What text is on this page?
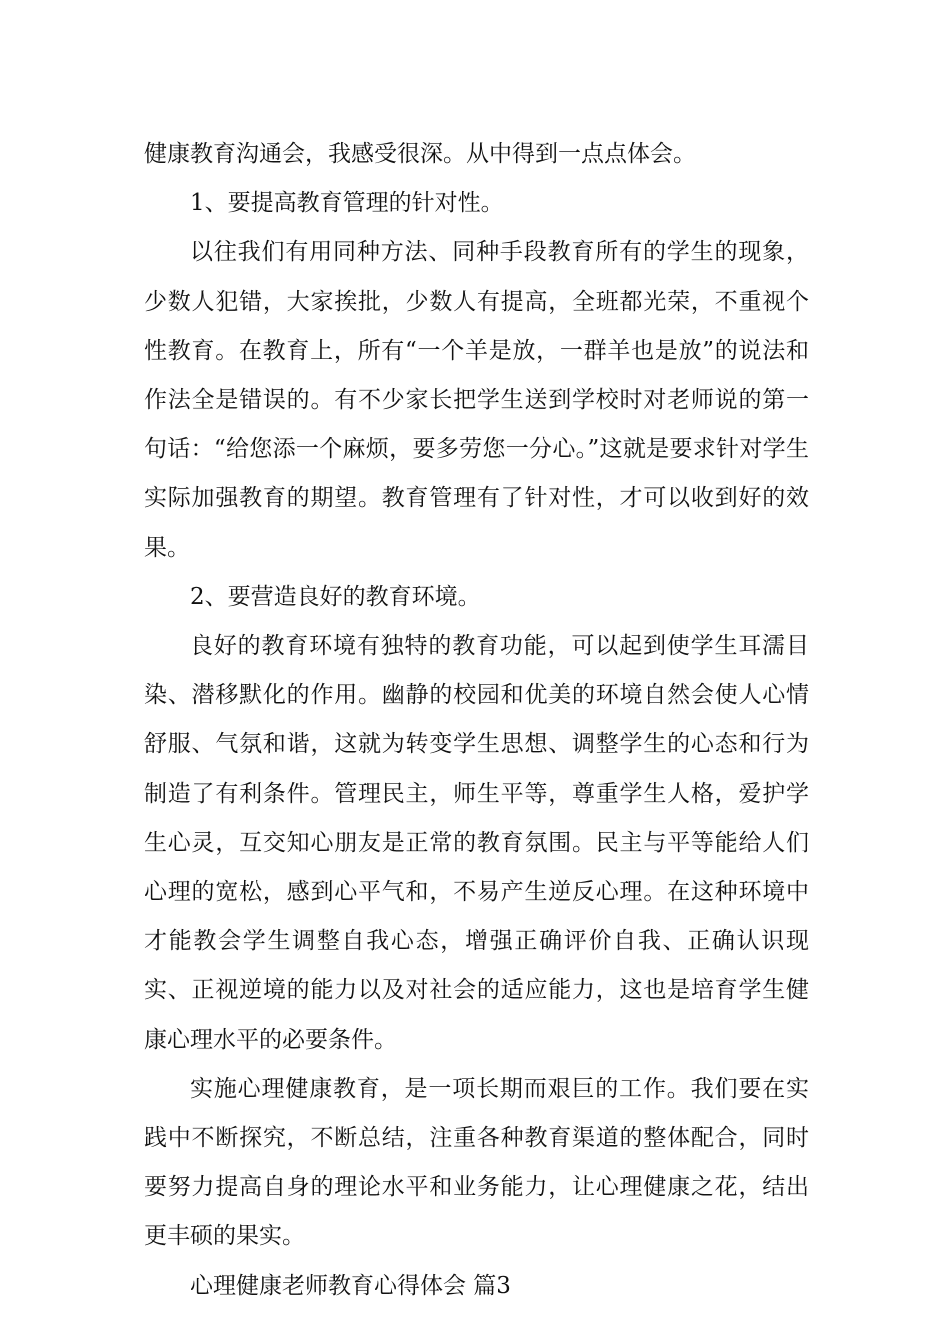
健康教育沟通会，我感受很深。从中得到一点点体会。

1、要提高教育管理的针对性。

以往我们有用同种方法、同种手段教育所有的学生的现象，少数人犯错，大家挨批，少数人有提高，全班都光荣，不重视个性教育。在教育上，所有“一个羊是放，一群羊也是放”的说法和作法全是错误的。有不少家长把学生送到学校时对老师说的第一句话：“给您添一个麻烦，要多劳您一分心。”这就是要求针对学生实际加强教育的期望。教育管理有了针对性，才可以收到好的效果。

2、要营造良好的教育环境。

良好的教育环境有独特的教育功能，可以起到使学生耳濡目染、潜移默化的作用。幽静的校园和优美的环境自然会使人心情舒服、气氛和谐，这就为转变学生思想、调整学生的心态和行为制造了有利条件。管理民主，师生平等，尊重学生人格，爱护学生心灵，互交知心朋友是正常的教育氛围。民主与平等能给人们心理的宽松，感到心平气和，不易产生逆反心理。在这种环境中才能教会学生调整自我心态，增强正确评价自我、正确认识现实、正视逆境的能力以及对社会的适应能力，这也是培育学生健康心理水平的必要条件。

实施心理健康教育，是一项长期而艰巨的工作。我们要在实践中不断探究，不断总结，注重各种教育渠道的整体配合，同时要努力提高自身的理论水平和业务能力，让心理健康之花，结出更丰硕的果实。

心理健康老师教育心得体会 篇3
